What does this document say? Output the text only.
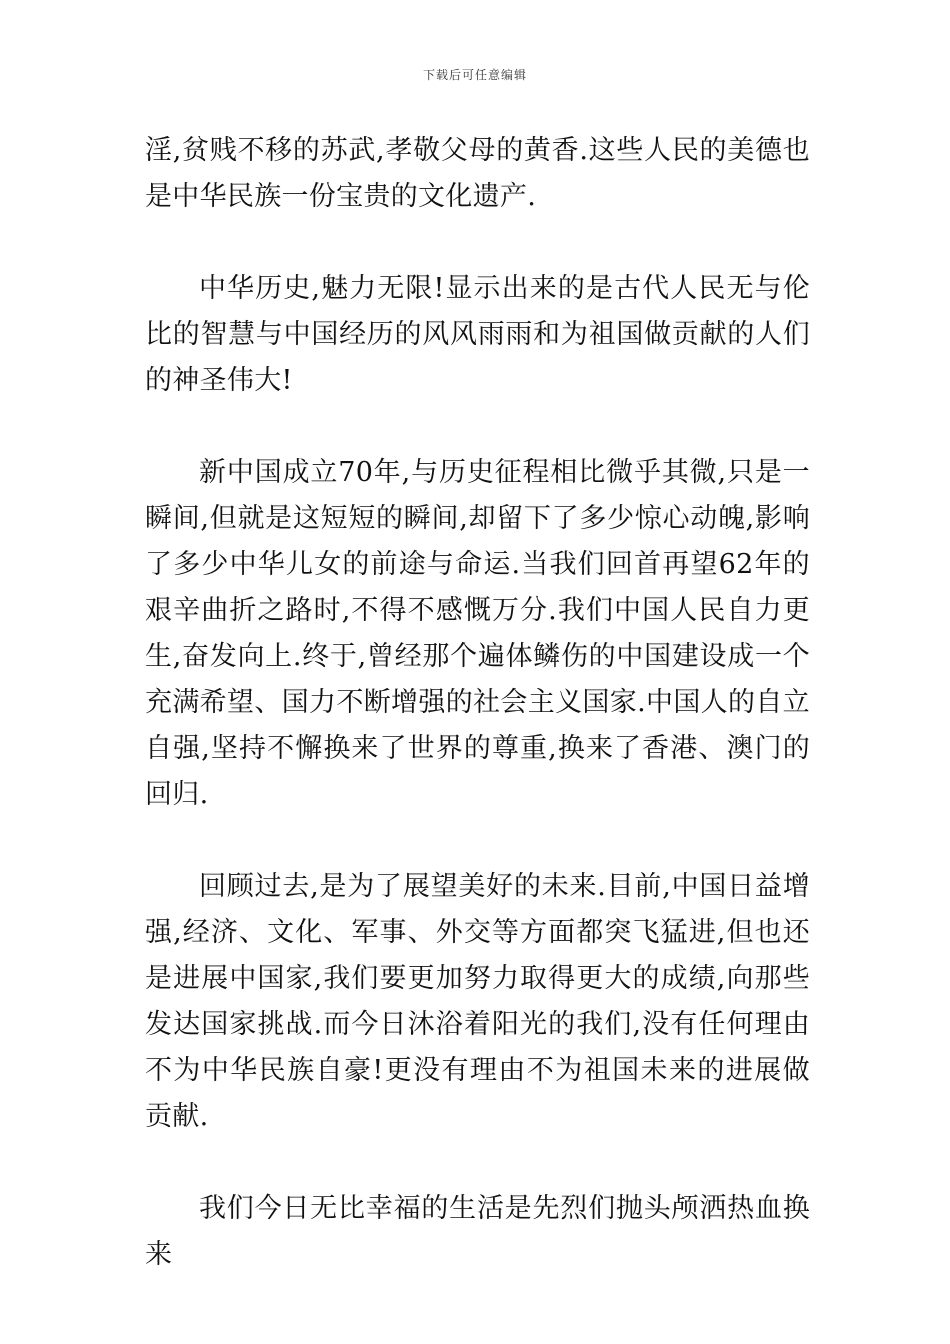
下载后可任意编辑

淫,贫贱不移的苏武,孝敬父母的黄香.这些人民的美德也是中华民族一份宝贵的文化遗产.

中华历史,魅力无限!显示出来的是古代人民无与伦比的智慧与中国经历的风风雨雨和为祖国做贡献的人们的神圣伟大!

新中国成立70年,与历史征程相比微乎其微,只是一瞬间,但就是这短短的瞬间,却留下了多少惊心动魄,影响了多少中华儿女的前途与命运.当我们回首再望62年的艰辛曲折之路时,不得不感慨万分.我们中国人民自力更生,奋发向上.终于,曾经那个遍体鳞伤的中国建设成一个充满希望、国力不断增强的社会主义国家.中国人的自立自强,坚持不懈换来了世界的尊重,换来了香港、澳门的回归.

回顾过去,是为了展望美好的未来.目前,中国日益增强,经济、文化、军事、外交等方面都突飞猛进,但也还是进展中国家,我们要更加努力取得更大的成绩,向那些发达国家挑战.而今日沐浴着阳光的我们,没有任何理由不为中华民族自豪!更没有理由不为祖国未来的进展做贡献.

我们今日无比幸福的生活是先烈们抛头颅洒热血换来
